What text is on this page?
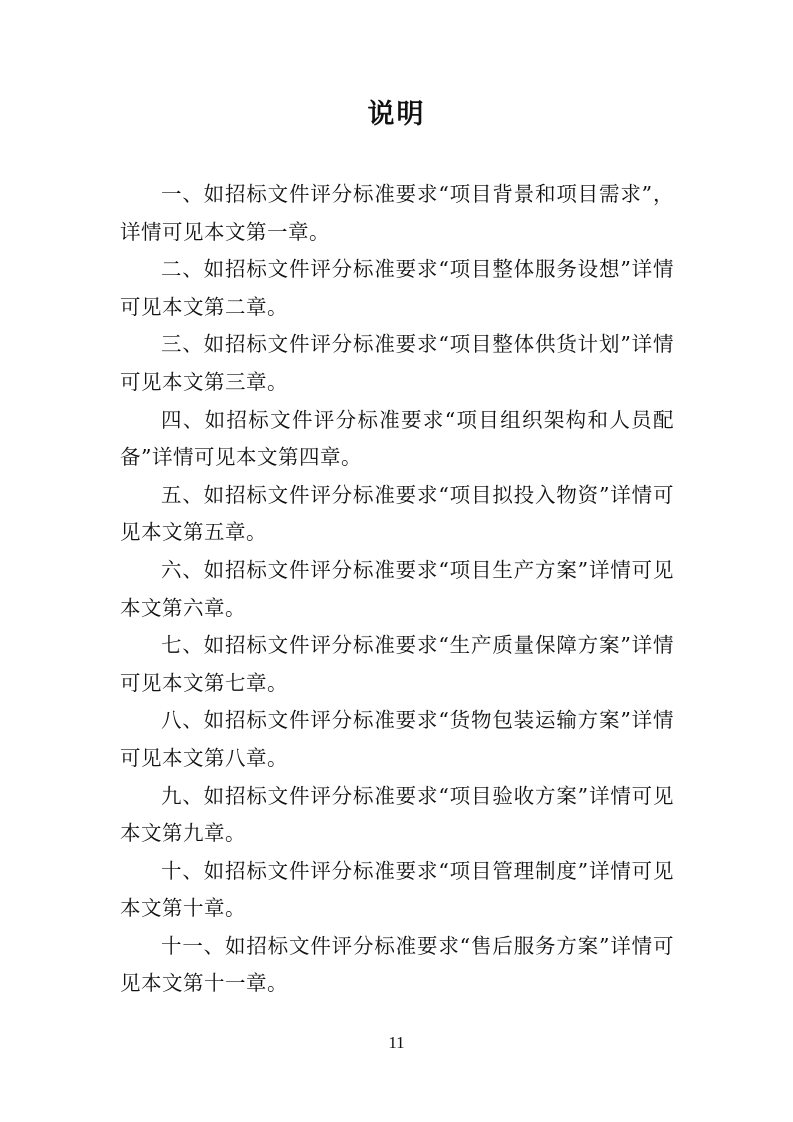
说明

一、如招标文件评分标准要求“项目背景和项目需求”，详情可见本文第一章。

二、如招标文件评分标准要求“项目整体服务设想”详情可见本文第二章。

三、如招标文件评分标准要求“项目整体供货计划”详情可见本文第三章。

四、如招标文件评分标准要求“项目组织架构和人员配备”详情可见本文第四章。

五、如招标文件评分标准要求“项目拟投入物资”详情可见本文第五章。

六、如招标文件评分标准要求“项目生产方案”详情可见本文第六章。

七、如招标文件评分标准要求“生产质量保障方案”详情可见本文第七章。

八、如招标文件评分标准要求“货物包装运输方案”详情可见本文第八章。

九、如招标文件评分标准要求“项目验收方案”详情可见本文第九章。

十、如招标文件评分标准要求“项目管理制度”详情可见本文第十章。

十一、如招标文件评分标准要求“售后服务方案”详情可见本文第十一章。

11
